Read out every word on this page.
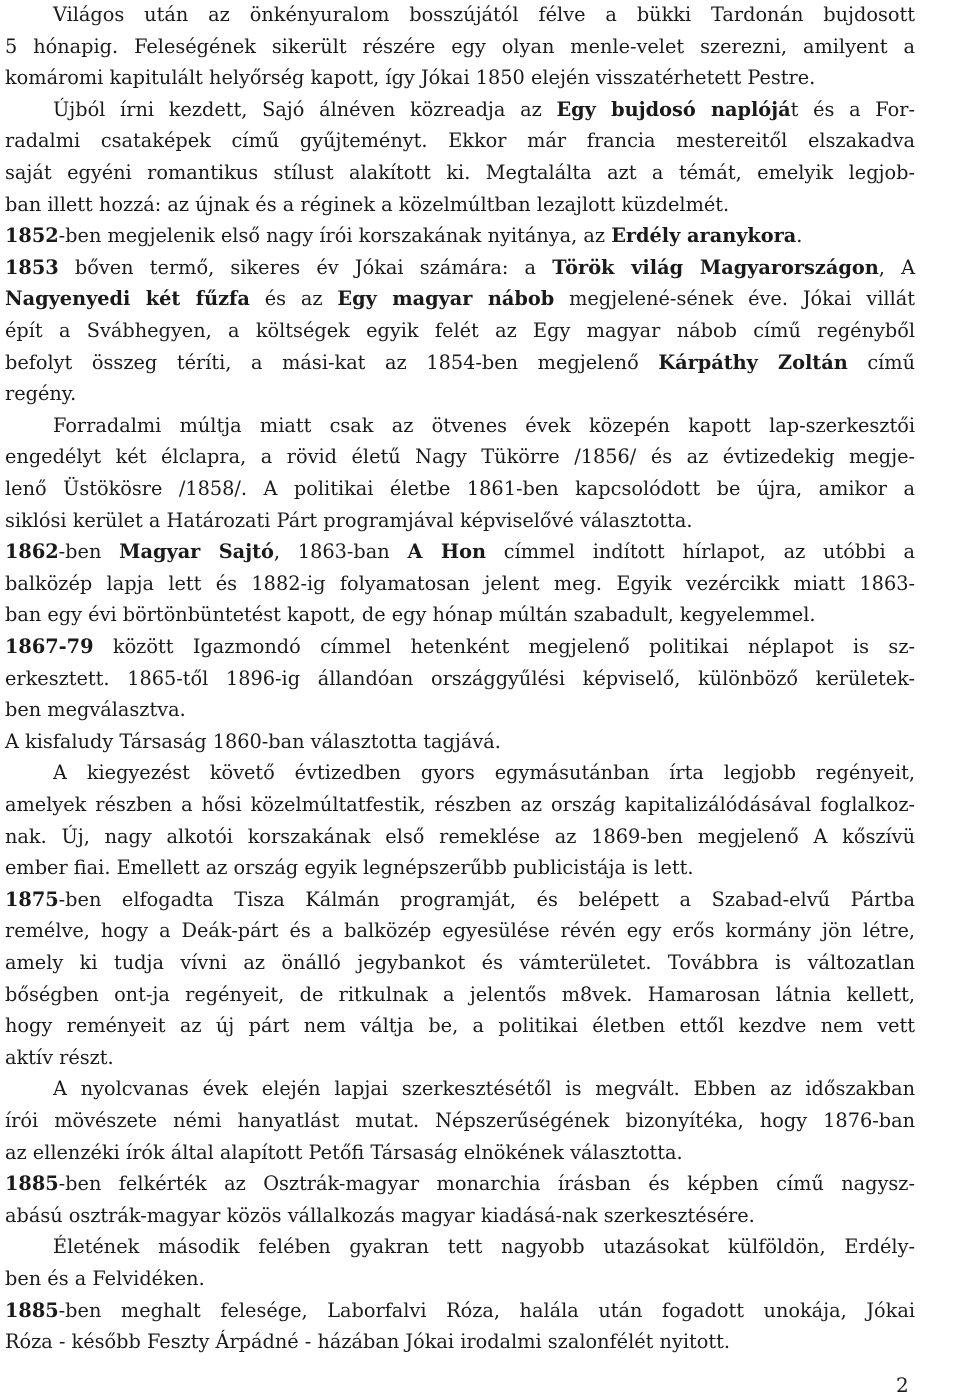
Világos után az önkényuralom bosszújától félve a bükki Tardonán bujdosott
5 hónapig. Feleségének sikerült részére egy olyan menle-velet szerezni, amilyent a
komáromi kapitulált helyőrség kapott, így Jókai 1850 elején visszatérhetett Pestre.
Újból írni kezdett, Sajó álnéven közreadja az Egy bujdosó naplóját és a For-
radalmi csataképek című gyűjteményt. Ekkor már francia mestereitől elszakadva
saját egyéni romantikus stílust alakított ki. Megtalálta azt a témát, emelyik legjob-
ban illett hozzá: az újnak és a réginek a közelmúltban lezajlott küzdelmét.
1852-ben megjelenik első nagy írói korszakának nyitánya, az Erdély aranykora.
1853 bőven termő, sikeres év Jókai számára: a Török világ Magyarországon, A
Nagyenyedi két fűzfa és az Egy magyar nábob megjelené-sének éve. Jókai villát
épít a Svábhegyen, a költségek egyik felét az Egy magyar nábob című regényből
befolyt összeg téríti, a mási-kat az 1854-ben megjelenő Kárpáthy Zoltán című
regény.
Forradalmi múltja miatt csak az ötvenes évek közepén kapott lap-szerkesztői
engedélyt két élclapra, a rövid életű Nagy Tükörre /1856/ és az évtizedekig megje-
lenő Üstökösre /1858/. A politikai életbe 1861-ben kapcsolódott be újra, amikor a
siklósi kerület a Határozati Párt programjával képviselővé választotta.
1862-ben Magyar Sajtó, 1863-ban A Hon címmel indított hírlapot, az utóbbi a
balközép lapja lett és 1882-ig folyamatosan jelent meg. Egyik vezércikk miatt 1863-
ban egy évi börtönbüntetést kapott, de egy hónap múltán szabadult, kegyelemmel.
1867-79 között Igazmondó címmel hetenként megjelenő politikai néplapot is sz-
erkesztett. 1865-től 1896-ig állandóan országgyűlési képviselő, különböző kerületek-
ben megválasztva.
A kisfaludy Társaság 1860-ban választotta tagjává.
A kiegyezést követő évtizedben gyors egymásutánban írta legjobb regényeit,
amelyek részben a hősi közelmúltatfestik, részben az ország kapitalizálódásával foglalkoz-
nak. Új, nagy alkotói korszakának első remeklése az 1869-ben megjelenő A kőszívü
ember fiai. Emellett az ország egyik legnépszerűbb publicistája is lett.
1875-ben elfogadta Tisza Kálmán programját, és belépett a Szabad-elvű Pártba
remélve, hogy a Deák-párt és a balközép egyesülése révén egy erős kormány jön létre,
amely ki tudja vívni az önálló jegybankot és vámterületet. Továbbra is változatlan
bőségben ont-ja regényeit, de ritkulnak a jelentős m8vek. Hamarosan látnia kellett,
hogy reményeit az új párt nem váltja be, a politikai életben ettől kezdve nem vett
aktív részt.
A nyolcvanas évek elején lapjai szerkesztésétől is megvált. Ebben az időszakban
írói mövészete némi hanyatlást mutat. Népszerűségének bizonyítéka, hogy 1876-ban
az ellenzéki írók által alapított Petőfi Társaság elnökének választotta.
1885-ben felkérték az Osztrák-magyar monarchia írásban és képben című nagysz-
abású osztrák-magyar közös vállalkozás magyar kiadásá-nak szerkesztésére.
Életének második felében gyakran tett nagyobb utazásokat külföldön, Erdély-
ben és a Felvidéken.
1885-ben meghalt felesége, Laborfalvi Róza, halála után fogadott unokája, Jókai
Róza - később Feszty Árpádné - házában Jókai irodalmi szalonfélét nyitott.
2
